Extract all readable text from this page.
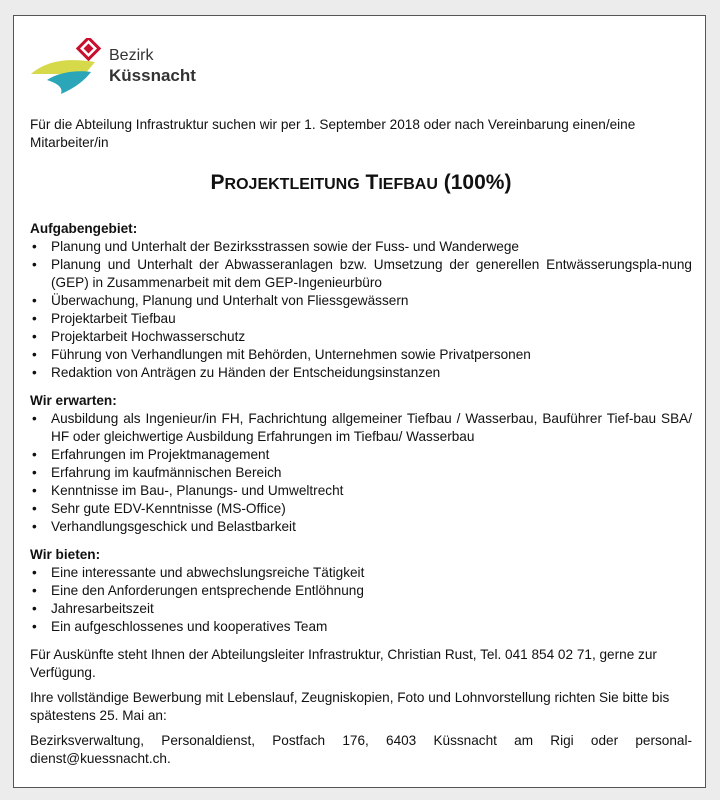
Bezirk
Küssnacht

Für die Abteilung Infrastruktur suchen wir per 1. September 2018 oder nach Vereinbarung einen/eine Mitarbeiter/in

PROJEKTLEITUNG TIEFBAU (100%)
Aufgabengebiet:
• Planung und Unterhalt der Bezirksstrassen sowie der Fuss- und Wanderwege
• Planung und Unterhalt der Abwasseranlagen bzw. Umsetzung der generellen Entwässerungspla-nung (GEP) in Zusammenarbeit mit dem GEP-Ingenieurbüro
• Überwachung, Planung und Unterhalt von Fliessgewässern
• Projektarbeit Tiefbau
• Projektarbeit Hochwasserschutz
• Führung von Verhandlungen mit Behörden, Unternehmen sowie Privatpersonen
• Redaktion von Anträgen zu Händen der Entscheidungsinstanzen
Wir erwarten:
• Ausbildung als Ingenieur/in FH, Fachrichtung allgemeiner Tiefbau / Wasserbau, Bauführer Tief-bau SBA/ HF oder gleichwertige Ausbildung Erfahrungen im Tiefbau/ Wasserbau
• Erfahrungen im Projektmanagement
• Erfahrung im kaufmännischen Bereich
• Kenntnisse im Bau-, Planungs- und Umweltrecht
• Sehr gute EDV-Kenntnisse (MS-Office)
• Verhandlungsgeschick und Belastbarkeit
Wir bieten:
• Eine interessante und abwechslungsreiche Tätigkeit
• Eine den Anforderungen entsprechende Entlöhnung
• Jahresarbeitszeit
• Ein aufgeschlossenes und kooperatives Team

Für Auskünfte steht Ihnen der Abteilungsleiter Infrastruktur, Christian Rust, Tel. 041 854 02 71, gerne zur Verfügung.

Ihre vollständige Bewerbung mit Lebenslauf, Zeugniskopien, Foto und Lohnvorstellung richten Sie bitte bis spätestens 25. Mai an:

Bezirksverwaltung, Personaldienst, Postfach 176, 6403 Küssnacht am Rigi oder personal-dienst@kuessnacht.ch.
